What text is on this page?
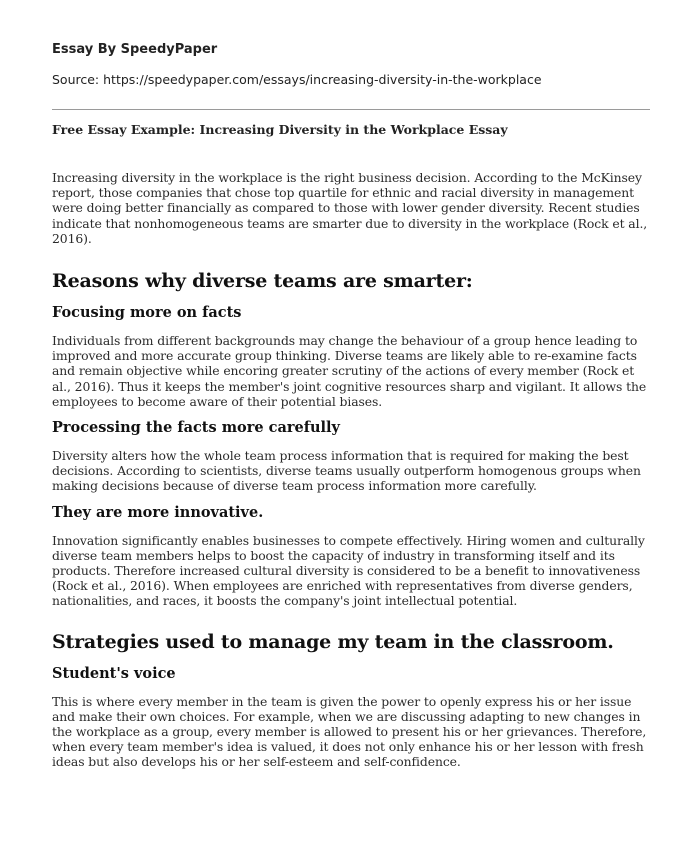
Essay By SpeedyPaper
Source: https://speedypaper.com/essays/increasing-diversity-in-the-workplace
Free Essay Example: Increasing Diversity in the Workplace Essay

Increasing diversity in the workplace is the right business decision. According to the McKinsey report, those companies that chose top quartile for ethnic and racial diversity in management were doing better financially as compared to those with lower gender diversity. Recent studies indicate that nonhomogeneous teams are smarter due to diversity in the workplace (Rock et al., 2016).

Reasons why diverse teams are smarter:
Focusing more on facts

Individuals from different backgrounds may change the behaviour of a group hence leading to improved and more accurate group thinking. Diverse teams are likely able to re-examine facts and remain objective while encoring greater scrutiny of the actions of every member (Rock et al., 2016). Thus it keeps the member's joint cognitive resources sharp and vigilant. It allows the employees to become aware of their potential biases.

Processing the facts more carefully

Diversity alters how the whole team process information that is required for making the best decisions. According to scientists, diverse teams usually outperform homogenous groups when making decisions because of diverse team process information more carefully.

They are more innovative.

Innovation significantly enables businesses to compete effectively. Hiring women and culturally diverse team members helps to boost the capacity of industry in transforming itself and its products. Therefore increased cultural diversity is considered to be a benefit to innovativeness (Rock et al., 2016). When employees are enriched with representatives from diverse genders, nationalities, and races, it boosts the company's joint intellectual potential.

Strategies used to manage my team in the classroom.
Student's voice

This is where every member in the team is given the power to openly express his or her issue and make their own choices. For example, when we are discussing adapting to new changes in the workplace as a group, every member is allowed to present his or her grievances. Therefore, when every team member's idea is valued, it does not only enhance his or her lesson with fresh ideas but also develops his or her self-esteem and self-confidence.
